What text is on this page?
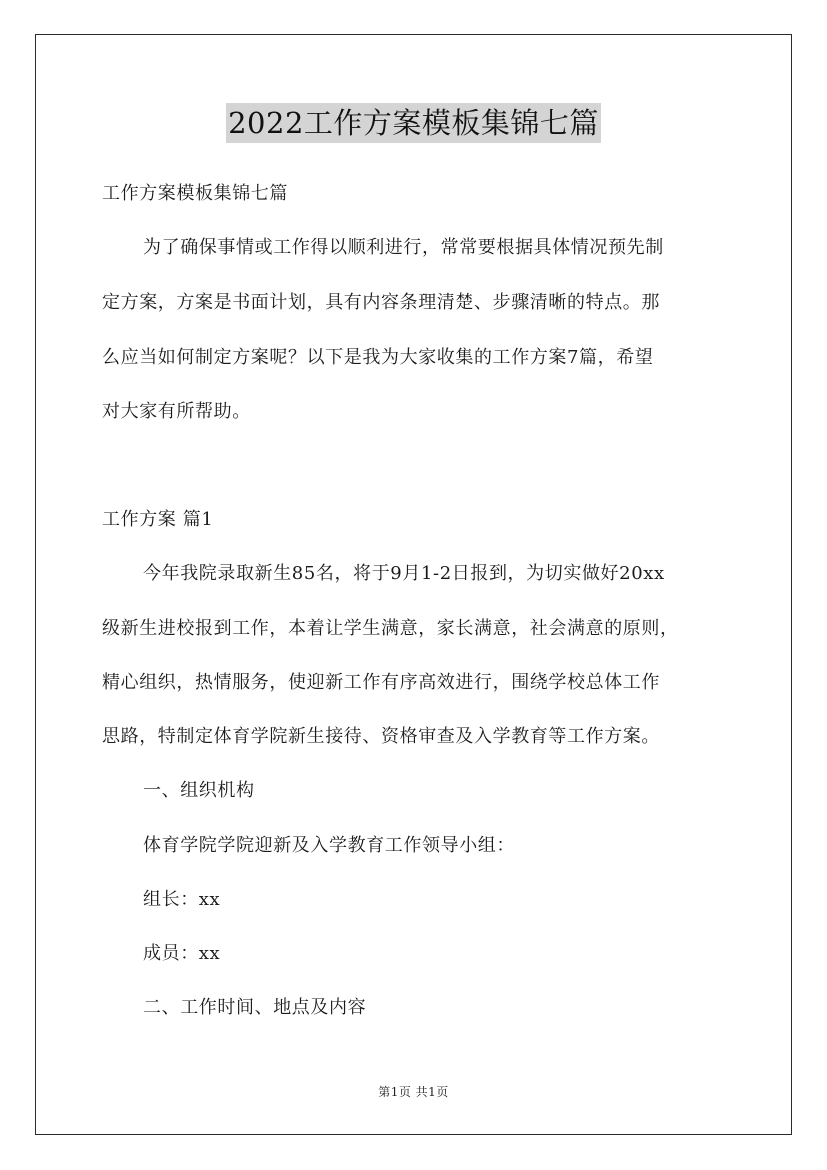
2022工作方案模板集锦七篇
工作方案模板集锦七篇
为了确保事情或工作得以顺利进行，常常要根据具体情况预先制
定方案，方案是书面计划，具有内容条理清楚、步骤清晰的特点。那
么应当如何制定方案呢？以下是我为大家收集的工作方案7篇，希望
对大家有所帮助。
工作方案 篇1
今年我院录取新生85名，将于9月1-2日报到，为切实做好20xx
级新生进校报到工作，本着让学生满意，家长满意，社会满意的原则，
精心组织，热情服务，使迎新工作有序高效进行，围绕学校总体工作
思路，特制定体育学院新生接待、资格审查及入学教育等工作方案。
一、组织机构
体育学院学院迎新及入学教育工作领导小组：
组长：xx
成员：xx
二、工作时间、地点及内容
第1页 共1页
